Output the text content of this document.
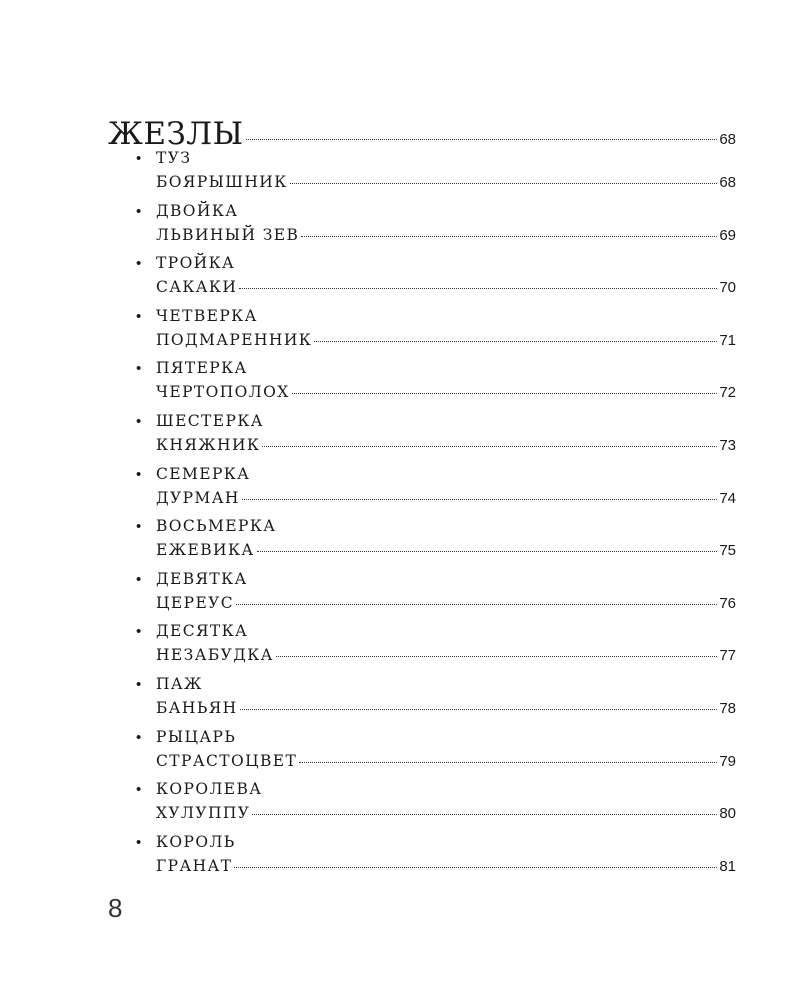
ЖЕЗЛЫ	68
• ТУЗ
БОЯРЫШНИК	68
• ДВОЙКА
ЛЬВИНЫЙ ЗЕВ	69
• ТРОЙКА
САКАКИ	70
• ЧЕТВЕРКА
ПОДМАРЕННИК	71
• ПЯТЕРКА
ЧЕРТОПОЛОХ	72
• ШЕСТЕРКА
КНЯЖНИК	73
• СЕМЕРКА
ДУРМАН	74
• ВОСЬМЕРКА
ЕЖЕВИКА	75
• ДЕВЯТКА
ЦЕРЕУС	76
• ДЕСЯТКА
НЕЗАБУДКА	77
• ПАЖ
БАНЬЯН	78
• РЫЦАРЬ
СТРАСТОЦВЕТ	79
• КОРОЛЕВА
ХУЛУППУ	80
• КОРОЛЬ
ГРАНАТ	81
8
